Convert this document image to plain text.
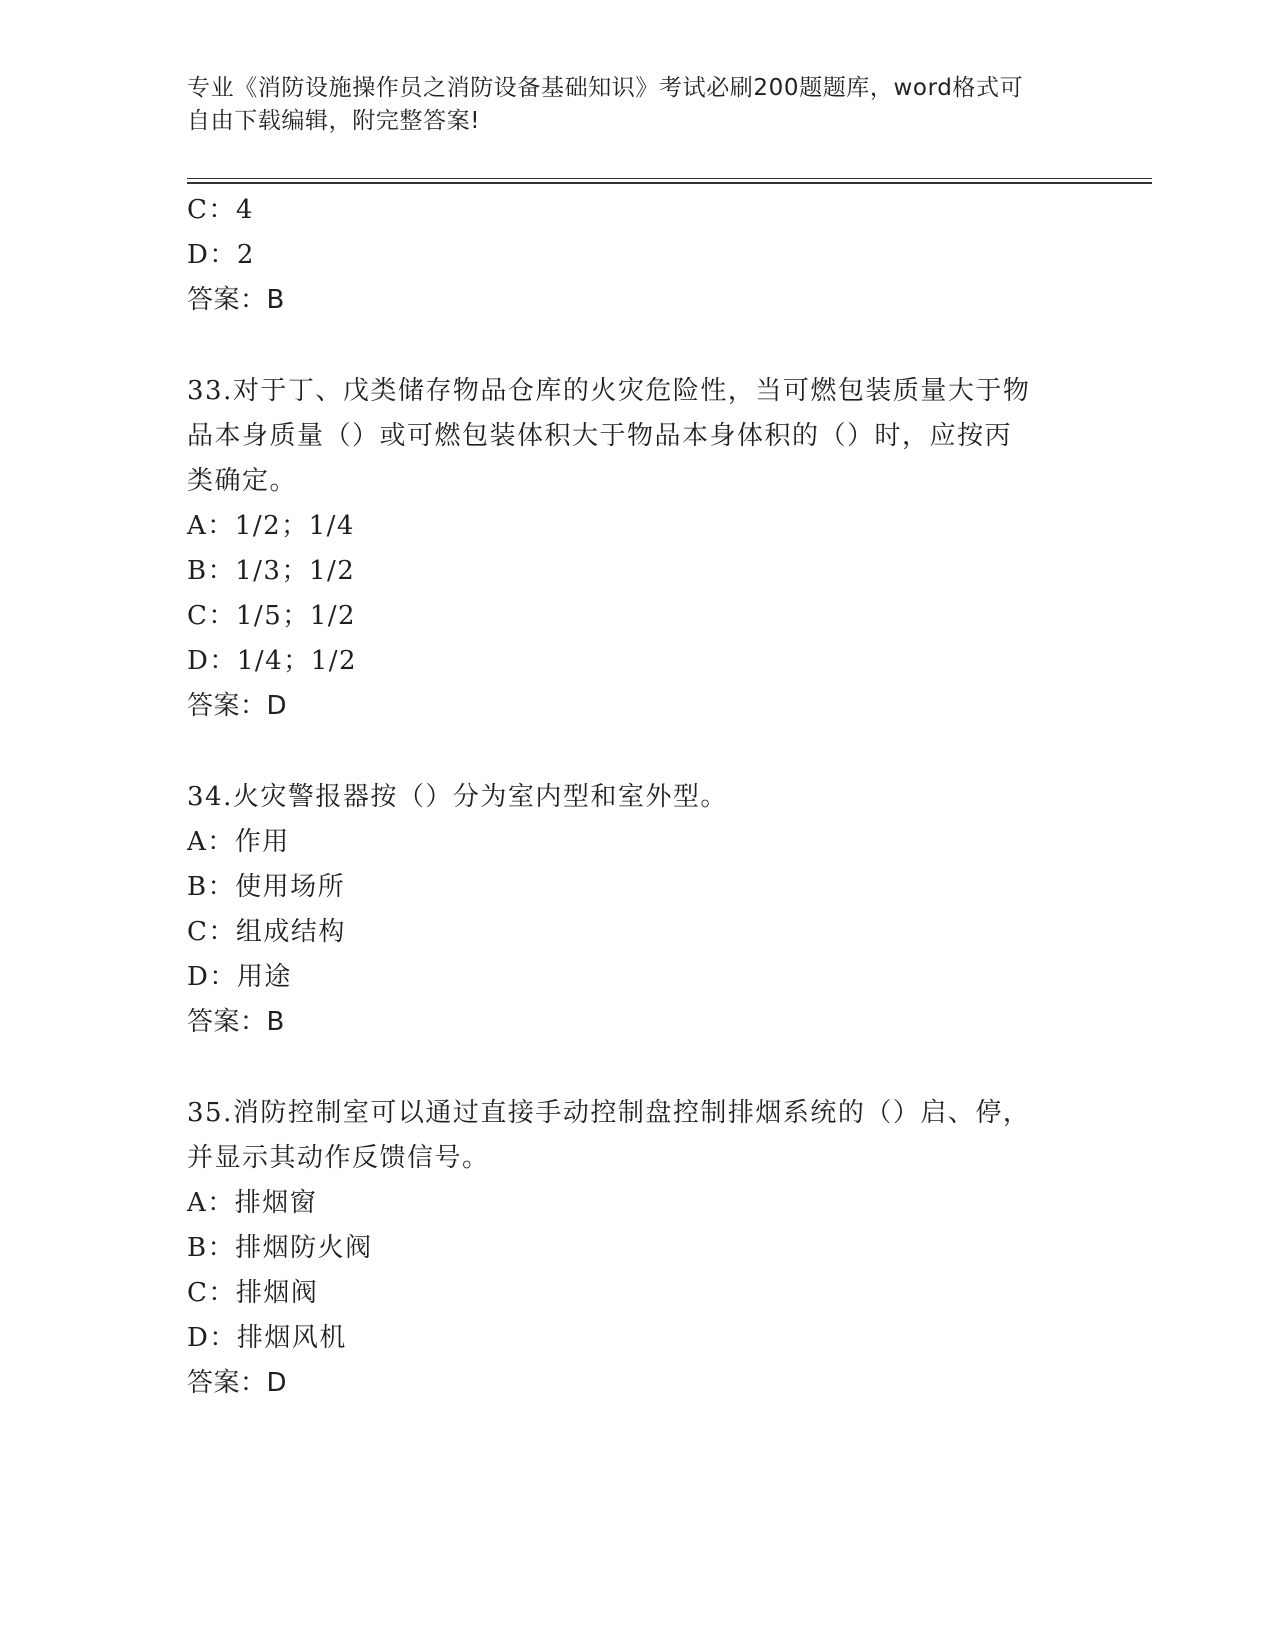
专业《消防设施操作员之消防设备基础知识》考试必刷200题题库，word格式可
自由下载编辑，附完整答案!
C：4
D：2
答案：B
33.对于丁、戊类储存物品仓库的火灾危险性，当可燃包装质量大于物
品本身质量（）或可燃包装体积大于物品本身体积的（）时，应按丙
类确定。
A：1/2；1/4
B：1/3；1/2
C：1/5；1/2
D：1/4；1/2
答案：D
34.火灾警报器按（）分为室内型和室外型。
A：作用
B：使用场所
C：组成结构
D：用途
答案：B
35.消防控制室可以通过直接手动控制盘控制排烟系统的（）启、停，
并显示其动作反馈信号。
A：排烟窗
B：排烟防火阀
C：排烟阀
D：排烟风机
答案：D
